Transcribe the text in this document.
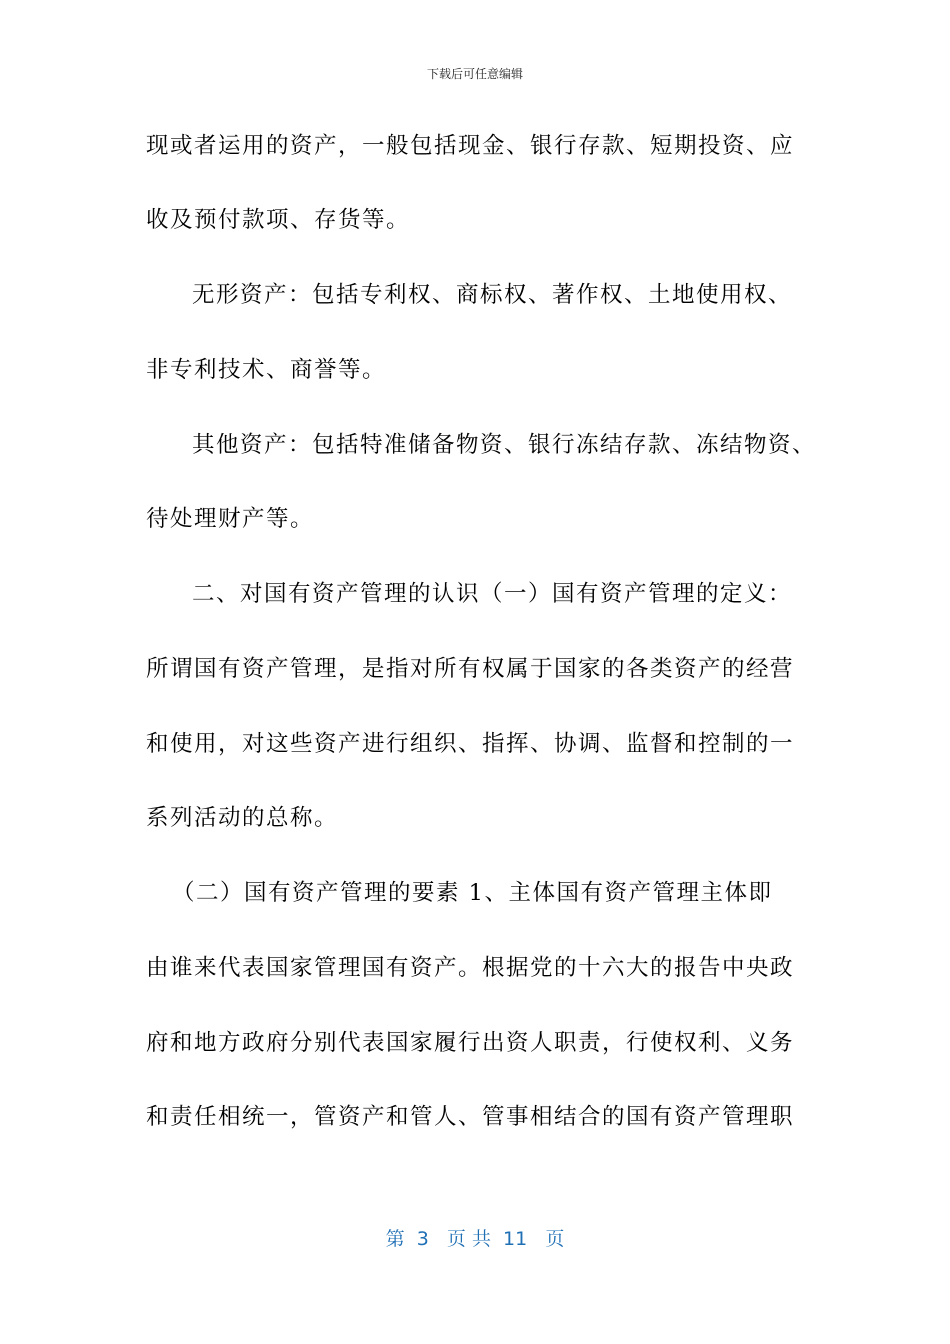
下载后可任意编辑
现或者运用的资产，一般包括现金、银行存款、短期投资、应
收及预付款项、存货等。
无形资产：包括专利权、商标权、著作权、土地使用权、
非专利技术、商誉等。
其他资产：包括特准储备物资、银行冻结存款、冻结物资、
待处理财产等。
二、对国有资产管理的认识（一）国有资产管理的定义：
所谓国有资产管理，是指对所有权属于国家的各类资产的经营
和使用，对这些资产进行组织、指挥、协调、监督和控制的一
系列活动的总称。
（二）国有资产管理的要素 1、主体国有资产管理主体即
由谁来代表国家管理国有资产。根据党的十六大的报告中央政
府和地方政府分别代表国家履行出资人职责，行使权利、义务
和责任相统一，管资产和管人、管事相结合的国有资产管理职
第  3   页 共  11   页
